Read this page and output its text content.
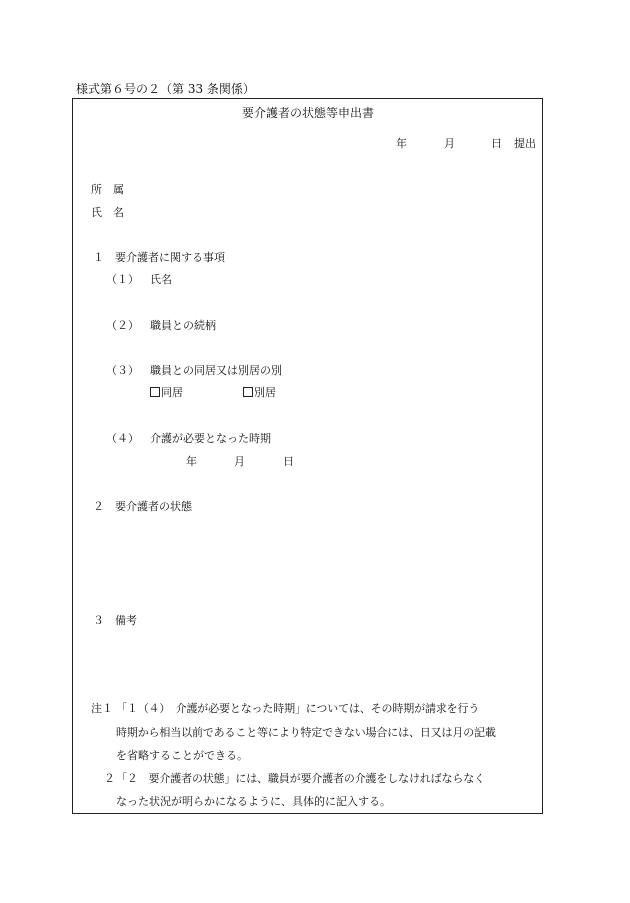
様式第６号の２（第 33 条関係）
要介護者の状態等申出書
年	月	日 提出
所　属
氏　名
１　要介護者に関する事項
（１） 氏名
（２） 職員との続柄
（３） 職員との同居又は別居の別
同居	別居
（４） 介護が必要となった時期
年	月	日
２　要介護者の状態
３　備考
注１ 「１（４）　介護が必要となった時期」については、その時期が請求を行う
時期から相当以前であること等により特定できない場合には、日又は月の記載
を省略することができる。
２ 「２　要介護者の状態」には、職員が要介護者の介護をしなければならなく
なった状況が明らかになるように、具体的に記入する。
